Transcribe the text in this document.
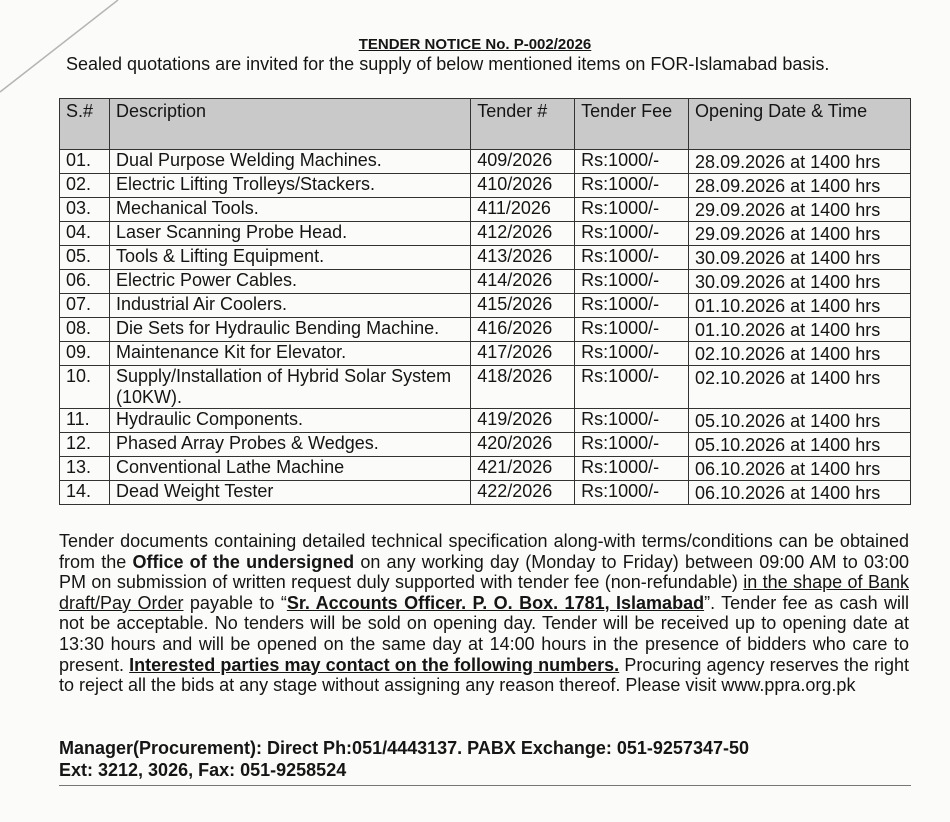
TENDER NOTICE No. P-002/2026
Sealed quotations are invited for the supply of below mentioned items on FOR-Islamabad basis.
S.#	Description	Tender #	Tender Fee	Opening Date & Time
01.	Dual Purpose Welding Machines.	409/2026	Rs:1000/-	28.09.2026 at 1400 hrs
02.	Electric Lifting Trolleys/Stackers.	410/2026	Rs:1000/-	28.09.2026 at 1400 hrs
03.	Mechanical Tools.	411/2026	Rs:1000/-	29.09.2026 at 1400 hrs
04.	Laser Scanning Probe Head.	412/2026	Rs:1000/-	29.09.2026 at 1400 hrs
05.	Tools & Lifting Equipment.	413/2026	Rs:1000/-	30.09.2026 at 1400 hrs
06.	Electric Power Cables.	414/2026	Rs:1000/-	30.09.2026 at 1400 hrs
07.	Industrial Air Coolers.	415/2026	Rs:1000/-	01.10.2026 at 1400 hrs
08.	Die Sets for Hydraulic Bending Machine.	416/2026	Rs:1000/-	01.10.2026 at 1400 hrs
09.	Maintenance Kit for Elevator.	417/2026	Rs:1000/-	02.10.2026 at 1400 hrs
10.	Supply/Installation of Hybrid Solar System (10KW).	418/2026	Rs:1000/-	02.10.2026 at 1400 hrs
11.	Hydraulic Components.	419/2026	Rs:1000/-	05.10.2026 at 1400 hrs
12.	Phased Array Probes & Wedges.	420/2026	Rs:1000/-	05.10.2026 at 1400 hrs
13.	Conventional Lathe Machine	421/2026	Rs:1000/-	06.10.2026 at 1400 hrs
14.	Dead Weight Tester	422/2026	Rs:1000/-	06.10.2026 at 1400 hrs
Tender documents containing detailed technical specification along-with terms/conditions can be obtained from the Office of the undersigned on any working day (Monday to Friday) between 09:00 AM to 03:00 PM on submission of written request duly supported with tender fee (non-refundable) in the shape of Bank draft/Pay Order payable to “Sr. Accounts Officer. P. O. Box. 1781, Islamabad”. Tender fee as cash will not be acceptable. No tenders will be sold on opening day. Tender will be received up to opening date at 13:30 hours and will be opened on the same day at 14:00 hours in the presence of bidders who care to present. Interested parties may contact on the following numbers. Procuring agency reserves the right to reject all the bids at any stage without assigning any reason thereof. Please visit www.ppra.org.pk
Manager(Procurement): Direct Ph:051/4443137. PABX Exchange: 051-9257347-50
Ext: 3212, 3026, Fax: 051-9258524
